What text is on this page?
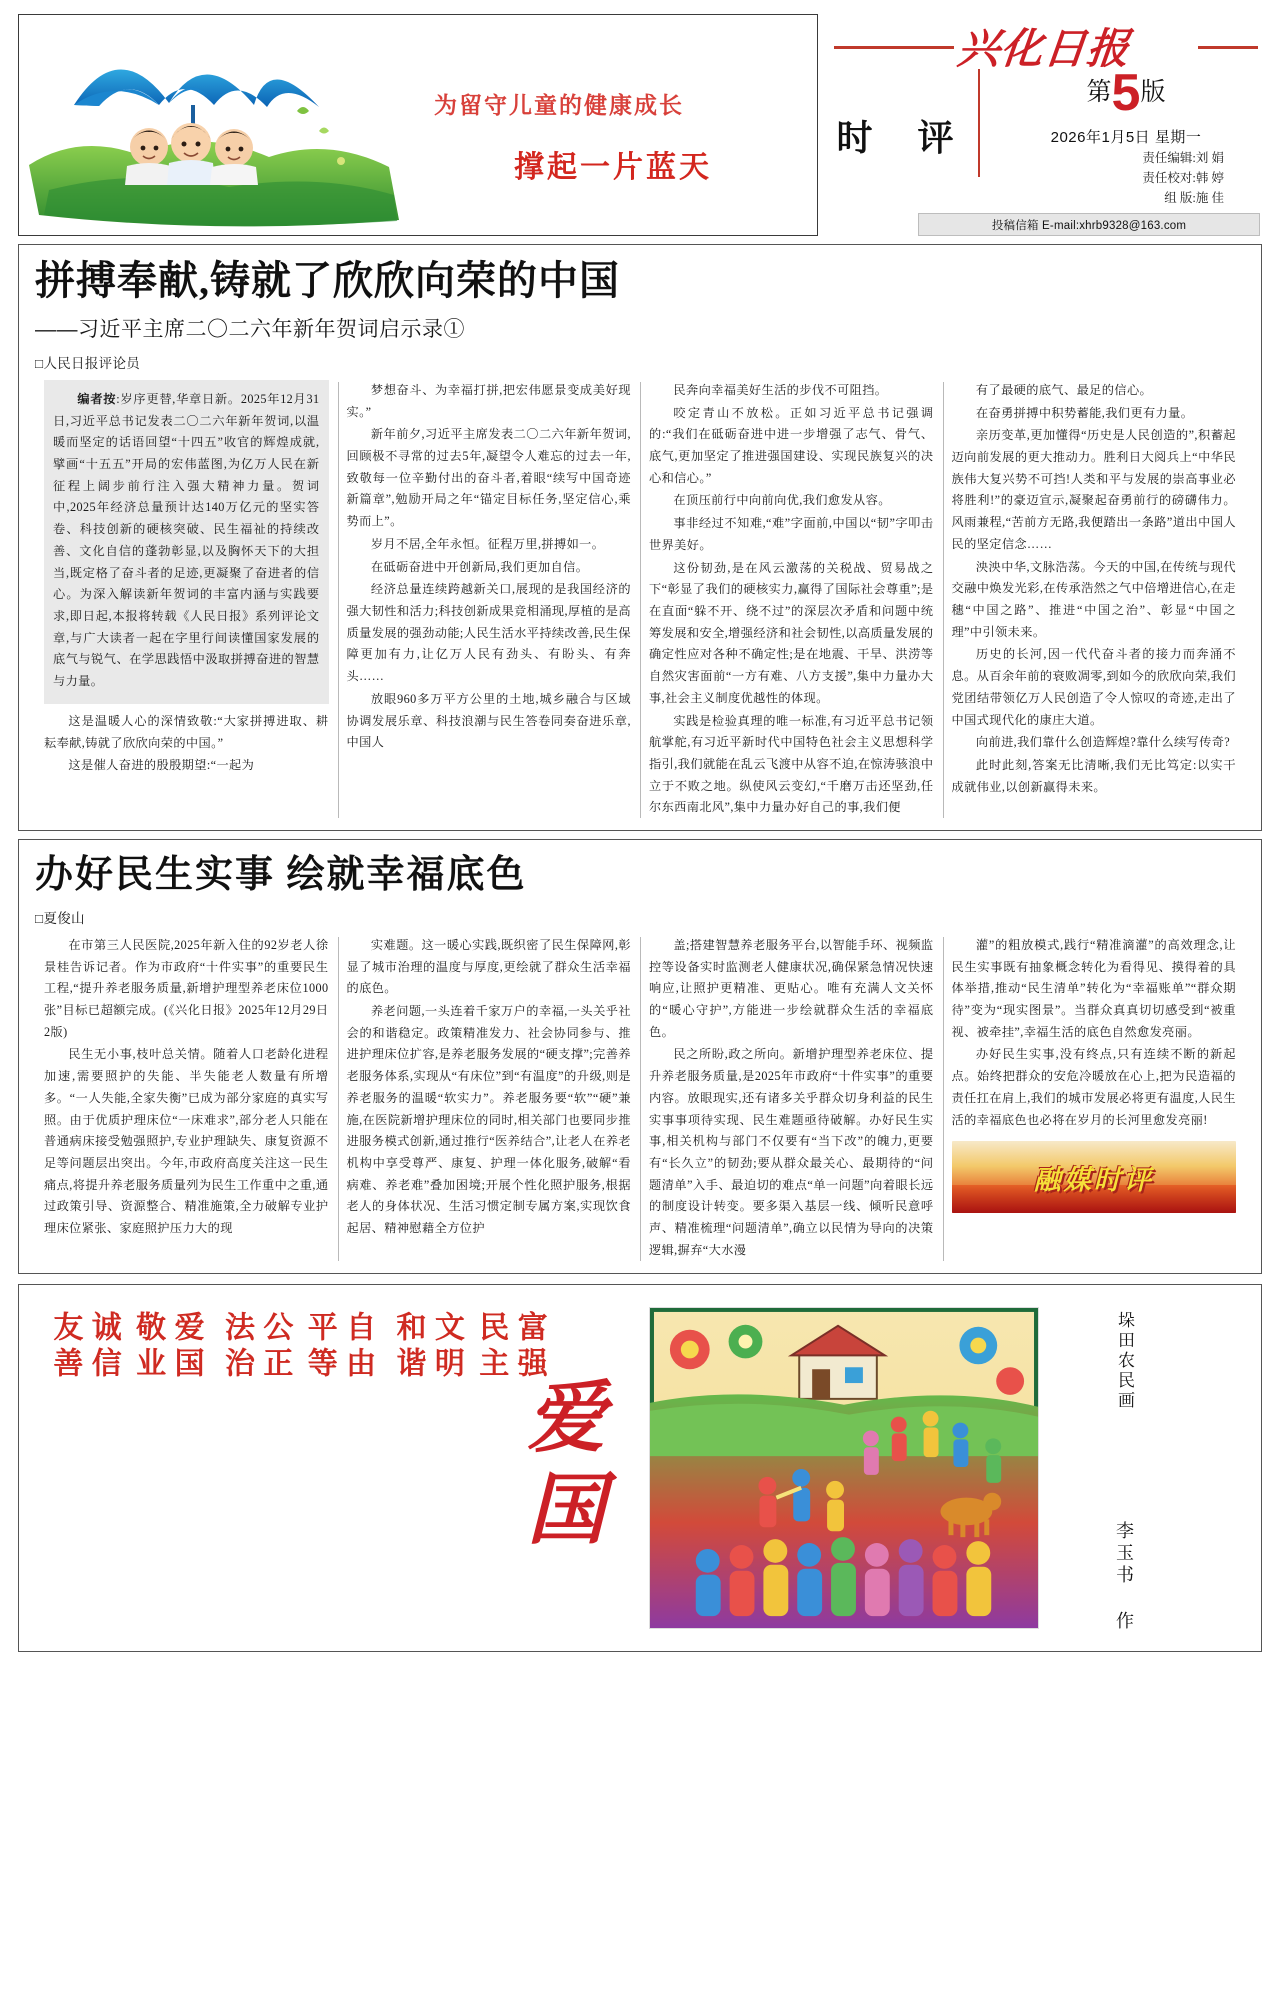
为留守儿童的健康成长
撑起一片蓝天
兴化日报
时 评
第5版
2026年1月5日 星期一
责任编辑:刘 娟
责任校对:韩 婷
组 版:施 佳
投稿信箱 E-mail:xhrb9328@163.com
拼搏奉献,铸就了欣欣向荣的中国
——习近平主席二〇二六年新年贺词启示录①
□人民日报评论员

编者按:岁序更替,华章日新。2025年12月31日,习近平总书记发表二〇二六年新年贺词,以温暖而坚定的话语回望“十四五”收官的辉煌成就,擘画“十五五”开局的宏伟蓝图,为亿万人民在新征程上阔步前行注入强大精神力量。贺词中,2025年经济总量预计达140万亿元的坚实答卷、科技创新的硬核突破、民生福祉的持续改善、文化自信的蓬勃彰显,以及胸怀天下的大担当,既定格了奋斗者的足迹,更凝聚了奋进者的信心。为深入解读新年贺词的丰富内涵与实践要求,即日起,本报将转载《人民日报》系列评论文章,与广大读者一起在字里行间读懂国家发展的底气与锐气、在学思践悟中汲取拼搏奋进的智慧与力量。

这是温暖人心的深情致敬:“大家拼搏进取、耕耘奉献,铸就了欣欣向荣的中国。”

这是催人奋进的殷殷期望:“一起为

梦想奋斗、为幸福打拼,把宏伟愿景变成美好现实。”

新年前夕,习近平主席发表二〇二六年新年贺词,回顾极不寻常的过去5年,凝望令人难忘的过去一年,致敬每一位辛勤付出的奋斗者,着眼“续写中国奇迹新篇章”,勉励开局之年“锚定目标任务,坚定信心,乘势而上”。

岁月不居,全年永恒。征程万里,拼搏如一。

在砥砺奋进中开创新局,我们更加自信。

经济总量连续跨越新关口,展现的是我国经济的强大韧性和活力;科技创新成果竞相涌现,厚植的是高质量发展的强劲动能;人民生活水平持续改善,民生保障更加有力,让亿万人民有劲头、有盼头、有奔头……

放眼960多万平方公里的土地,城乡融合与区域协调发展乐章、科技浪潮与民生答卷同奏奋进乐章,中国人

民奔向幸福美好生活的步伐不可阻挡。

咬定青山不放松。正如习近平总书记强调的:“我们在砥砺奋进中进一步增强了志气、骨气、底气,更加坚定了推进强国建设、实现民族复兴的决心和信心。”

在顶压前行中向前向优,我们愈发从容。

事非经过不知难,“难”字面前,中国以“韧”字叩击世界美好。

这份韧劲,是在风云激荡的关税战、贸易战之下“彰显了我们的硬核实力,赢得了国际社会尊重”;是在直面“躲不开、绕不过”的深层次矛盾和问题中统筹发展和安全,增强经济和社会韧性,以高质量发展的确定性应对各种不确定性;是在地震、干旱、洪涝等自然灾害面前“一方有难、八方支援”,集中力量办大事,社会主义制度优越性的体现。

实践是检验真理的唯一标准,有习近平总书记领航掌舵,有习近平新时代中国特色社会主义思想科学指引,我们就能在乱云飞渡中从容不迫,在惊涛骇浪中立于不败之地。纵使风云变幻,“千磨万击还坚劲,任尔东西南北风”,集中力量办好自己的事,我们便

有了最硬的底气、最足的信心。

在奋勇拼搏中积势蓄能,我们更有力量。

亲历变革,更加懂得“历史是人民创造的”,积蓄起迈向前发展的更大推动力。胜利日大阅兵上“中华民族伟大复兴势不可挡!人类和平与发展的崇高事业必将胜利!”的豪迈宣示,凝聚起奋勇前行的磅礴伟力。风雨兼程,“苦前方无路,我便踏出一条路”道出中国人民的坚定信念……

泱泱中华,文脉浩荡。今天的中国,在传统与现代交融中焕发光彩,在传承浩然之气中倍增进信心,在走穗“中国之路”、推进“中国之治”、彰显“中国之理”中引领未来。

历史的长河,因一代代奋斗者的接力而奔涌不息。从百余年前的衰败凋零,到如今的欣欣向荣,我们党团结带领亿万人民创造了令人惊叹的奇迹,走出了中国式现代化的康庄大道。

向前进,我们靠什么创造辉煌?靠什么续写传奇?

此时此刻,答案无比清晰,我们无比笃定:以实干成就伟业,以创新赢得未来。

办好民生实事 绘就幸福底色
□夏俊山

在市第三人民医院,2025年新入住的92岁老人徐景桂告诉记者。作为市政府“十件实事”的重要民生工程,“提升养老服务质量,新增护理型养老床位1000张”目标已超额完成。(《兴化日报》2025年12月29日2版)

民生无小事,枝叶总关情。随着人口老龄化进程加速,需要照护的失能、半失能老人数量有所增多。“一人失能,全家失衡”已成为部分家庭的真实写照。由于优质护理床位“一床难求”,部分老人只能在普通病床接受勉强照护,专业护理缺失、康复资源不足等问题层出突出。今年,市政府高度关注这一民生痛点,将提升养老服务质量列为民生工作重中之重,通过政策引导、资源整合、精准施策,全力破解专业护理床位紧张、家庭照护压力大的现

实难题。这一暖心实践,既织密了民生保障网,彰显了城市治理的温度与厚度,更绘就了群众生活幸福的底色。

养老问题,一头连着千家万户的幸福,一头关乎社会的和谐稳定。政策精准发力、社会协同参与、推进护理床位扩容,是养老服务发展的“硬支撑”;完善养老服务体系,实现从“有床位”到“有温度”的升级,则是养老服务的温暖“软实力”。养老服务要“软”“硬”兼施,在医院新增护理床位的同时,相关部门也要同步推进服务模式创新,通过推行“医养结合”,让老人在养老机构中享受尊严、康复、护理一体化服务,破解“看病难、养老难”叠加困境;开展个性化照护服务,根据老人的身体状况、生活习惯定制专属方案,实现饮食起居、精神慰藉全方位护

盖;搭建智慧养老服务平台,以智能手环、视频监控等设备实时监测老人健康状况,确保紧急情况快速响应,让照护更精准、更贴心。唯有充满人文关怀的“暖心守护”,方能进一步绘就群众生活的幸福底色。

民之所盼,政之所向。新增护理型养老床位、提升养老服务质量,是2025年市政府“十件实事”的重要内容。放眼现实,还有诸多关乎群众切身利益的民生实事事项待实现、民生难题亟待破解。办好民生实事,相关机构与部门不仅要有“当下改”的魄力,更要有“长久立”的韧劲;要从群众最关心、最期待的“问题清单”入手、最迫切的难点“单一问题”向着眼长远的制度设计转变。要多渠入基层一线、倾听民意呼声、精准梳理“问题清单”,确立以民情为导向的决策逻辑,摒弃“大水漫

灌”的粗放模式,践行“精准滴灌”的高效理念,让民生实事既有抽象概念转化为看得见、摸得着的具体举措,推动“民生清单”转化为“幸福账单”“群众期待”变为“现实图景”。当群众真真切切感受到“被重视、被牵挂”,幸福生活的底色自然愈发亮丽。

办好民生实事,没有终点,只有连续不断的新起点。始终把群众的安危冷暖放在心上,把为民造福的责任扛在肩上,我们的城市发展必将更有温度,人民生活的幸福底色也必将在岁月的长河里愈发亮丽!

融媒时评
富强
民主
文明
和谐
自由
平等
公正
法治
爱国
敬业
诚信
友善
爱国
垛田农民画
李玉书 作
